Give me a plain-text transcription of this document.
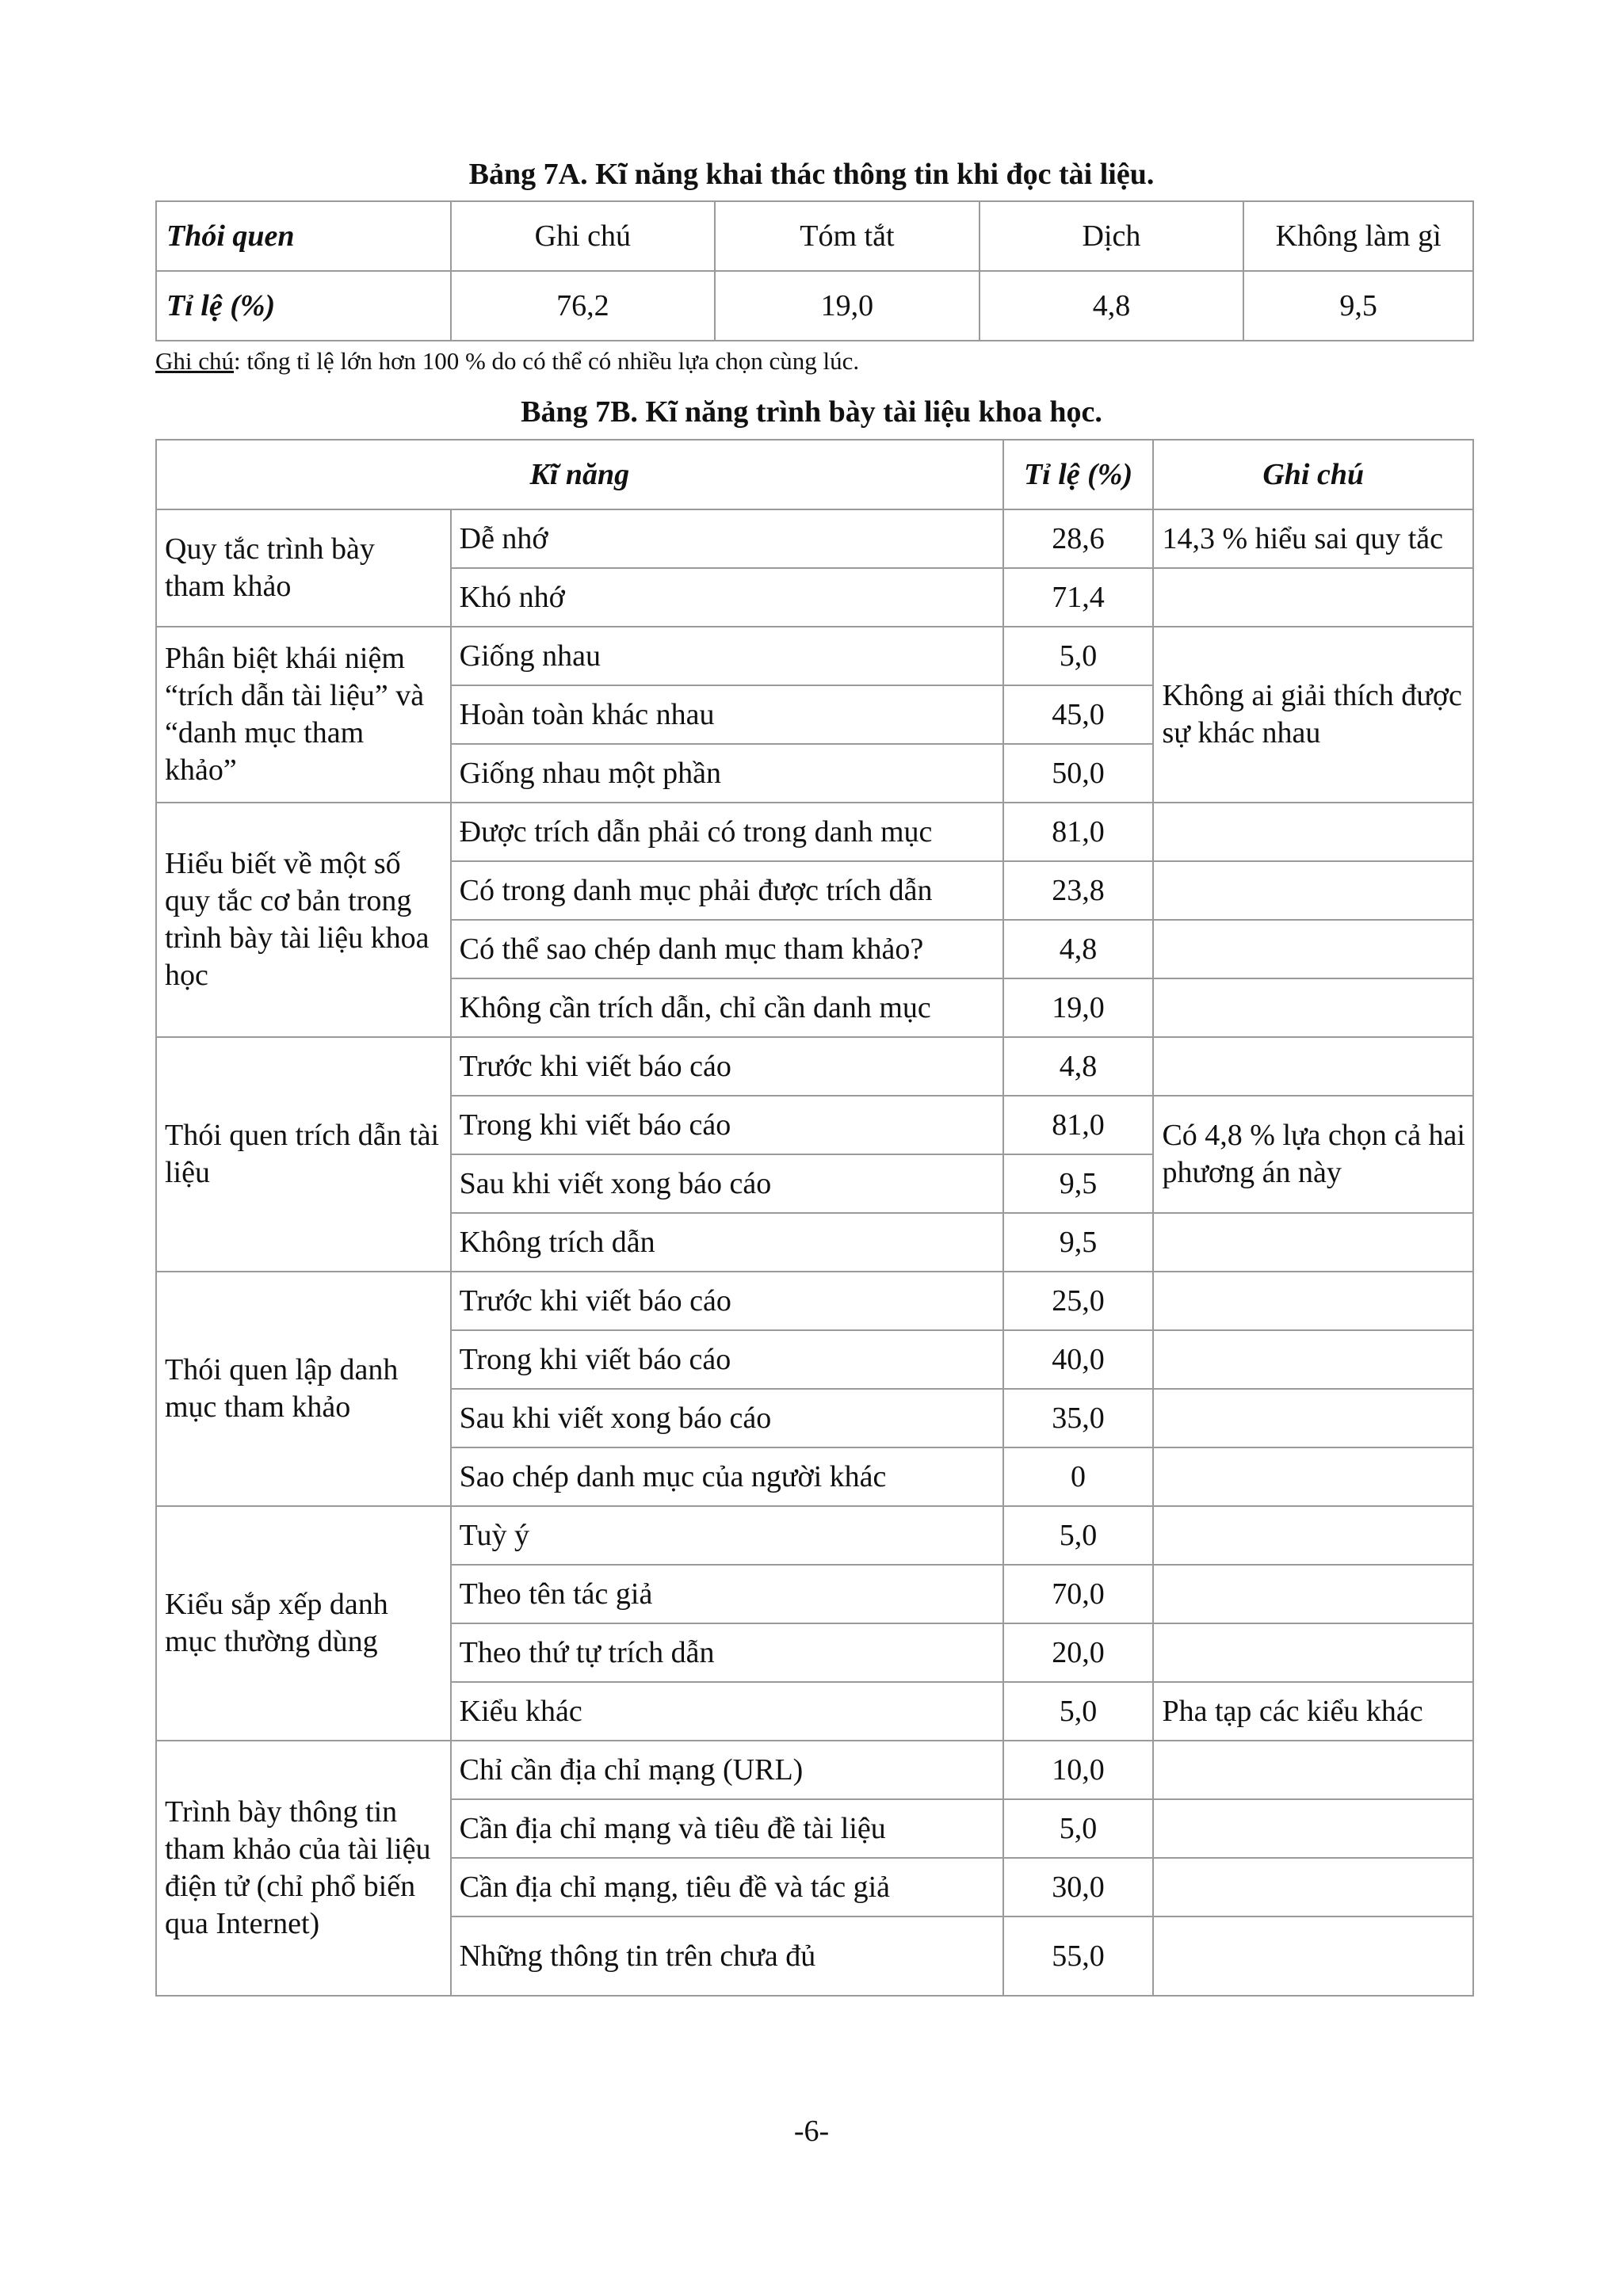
Bảng 7A. Kĩ năng khai thác thông tin khi đọc tài liệu.
Thói quen	Ghi chú	Tóm tắt	Dịch	Không làm gì
Tỉ lệ (%)	76,2	19,0	4,8	9,5
Ghi chú: tổng tỉ lệ lớn hơn 100 % do có thể có nhiều lựa chọn cùng lúc.
Bảng 7B. Kĩ năng trình bày tài liệu khoa học.
Kĩ năng		Tỉ lệ (%)	Ghi chú
Quy tắc trình bày tham khảo	Dễ nhớ	28,6	14,3 % hiểu sai quy tắc
	Khó nhớ	71,4	
Phân biệt khái niệm “trích dẫn tài liệu” và “danh mục tham khảo”	Giống nhau	5,0	Không ai giải thích được sự khác nhau
	Hoàn toàn khác nhau	45,0	
	Giống nhau một phần	50,0	
Hiểu biết về một số quy tắc cơ bản trong trình bày tài liệu khoa học	Được trích dẫn phải có trong danh mục	81,0	
	Có trong danh mục phải được trích dẫn	23,8	
	Có thể sao chép danh mục tham khảo?	4,8	
	Không cần trích dẫn, chỉ cần danh mục	19,0	
Thói quen trích dẫn tài liệu	Trước khi viết báo cáo	4,8	
	Trong khi viết báo cáo	81,0	Có 4,8 % lựa chọn cả hai phương án này
	Sau khi viết xong báo cáo	9,5	
	Không trích dẫn	9,5	
Thói quen lập danh mục tham khảo	Trước khi viết báo cáo	25,0	
	Trong khi viết báo cáo	40,0	
	Sau khi viết xong báo cáo	35,0	
	Sao chép danh mục của người khác	0	
Kiểu sắp xếp danh mục thường dùng	Tuỳ ý	5,0	
	Theo tên tác giả	70,0	
	Theo thứ tự trích dẫn	20,0	
	Kiểu khác	5,0	Pha tạp các kiểu khác
Trình bày thông tin tham khảo của tài liệu điện tử (chỉ phổ biến qua Internet)	Chỉ cần địa chỉ mạng (URL)	10,0	
	Cần địa chỉ mạng và tiêu đề tài liệu	5,0	
	Cần địa chỉ mạng, tiêu đề và tác giả	30,0	
	Những thông tin trên chưa đủ	55,0	
-6-
